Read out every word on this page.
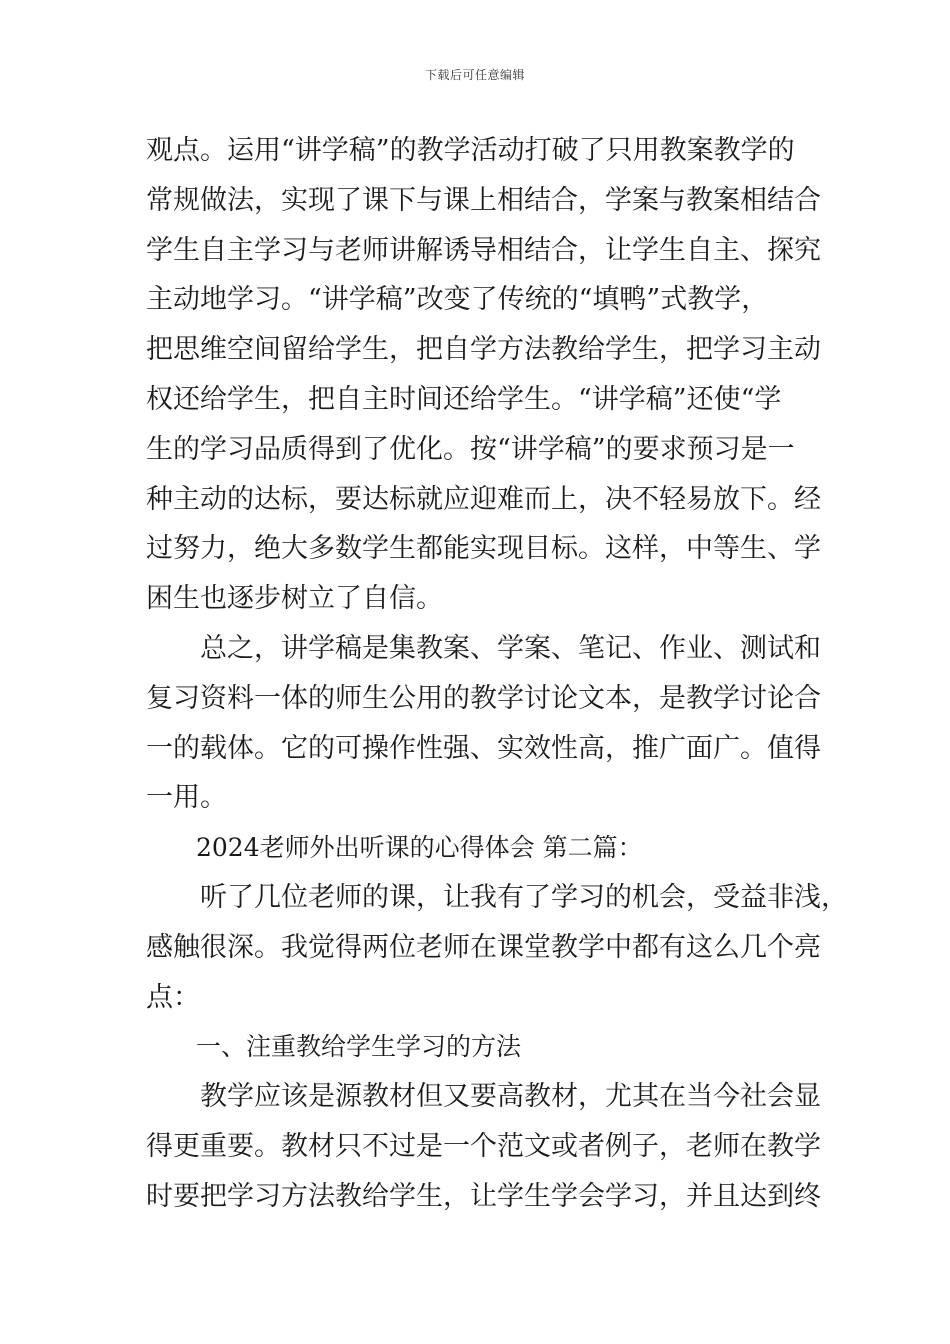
下载后可任意编辑
观点。运用“讲学稿”的教学活动打破了只用教案教学的
常规做法，实现了课下与课上相结合，学案与教案相结合
学生自主学习与老师讲解诱导相结合，让学生自主、探究
主动地学习。“讲学稿”改变了传统的“填鸭”式教学，
把思维空间留给学生，把自学方法教给学生，把学习主动
权还给学生，把自主时间还给学生。“讲学稿”还使“学
生的学习品质得到了优化。按“讲学稿”的要求预习是一
种主动的达标，要达标就应迎难而上，决不轻易放下。经
过努力，绝大多数学生都能实现目标。这样，中等生、学
困生也逐步树立了自信。
总之，讲学稿是集教案、学案、笔记、作业、测试和
复习资料一体的师生公用的教学讨论文本，是教学讨论合
一的载体。它的可操作性强、实效性高，推广面广。值得
一用。
2024老师外出听课的心得体会 第二篇：
听了几位老师的课，让我有了学习的机会，受益非浅，
感触很深。我觉得两位老师在课堂教学中都有这么几个亮
点：
一、注重教给学生学习的方法
教学应该是源教材但又要高教材，尤其在当今社会显
得更重要。教材只不过是一个范文或者例子，老师在教学
时要把学习方法教给学生，让学生学会学习，并且达到终
